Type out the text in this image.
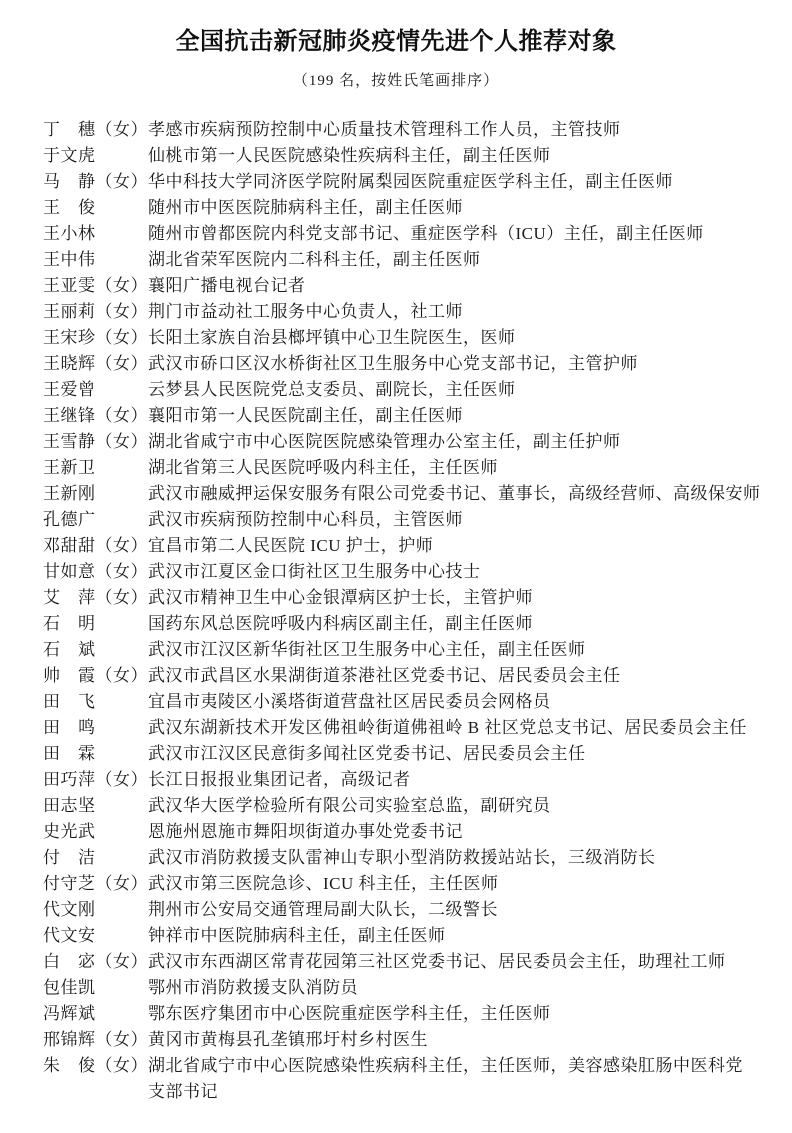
全国抗击新冠肺炎疫情先进个人推荐对象
（199 名，按姓氏笔画排序）
丁　穗（女） 孝感市疾病预防控制中心质量技术管理科工作人员，主管技师
于文虎	仙桃市第一人民医院感染性疾病科主任，副主任医师
马　静（女） 华中科技大学同济医学院附属梨园医院重症医学科主任，副主任医师
王　俊	随州市中医医院肺病科主任，副主任医师
王小林	随州市曾都医院内科党支部书记、重症医学科（ICU）主任，副主任医师
王中伟	湖北省荣军医院内二科科主任，副主任医师
王亚雯（女） 襄阳广播电视台记者
王丽莉（女） 荆门市益动社工服务中心负责人，社工师
王宋珍（女） 长阳土家族自治县榔坪镇中心卫生院医生，医师
王晓辉（女） 武汉市硚口区汉水桥街社区卫生服务中心党支部书记，主管护师
王爱曾	云梦县人民医院党总支委员、副院长，主任医师
王继锋（女） 襄阳市第一人民医院副主任，副主任医师
王雪静（女） 湖北省咸宁市中心医院医院感染管理办公室主任，副主任护师
王新卫	湖北省第三人民医院呼吸内科主任，主任医师
王新刚	武汉市融威押运保安服务有限公司党委书记、董事长，高级经营师、高级保安师
孔德广	武汉市疾病预防控制中心科员，主管医师
邓甜甜（女） 宜昌市第二人民医院 ICU 护士，护师
甘如意（女） 武汉市江夏区金口街社区卫生服务中心技士
艾　萍（女） 武汉市精神卫生中心金银潭病区护士长，主管护师
石　明	国药东风总医院呼吸内科病区副主任，副主任医师
石　斌	武汉市江汉区新华街社区卫生服务中心主任，副主任医师
帅　霞（女） 武汉市武昌区水果湖街道茶港社区党委书记、居民委员会主任
田　飞	宜昌市夷陵区小溪塔街道营盘社区居民委员会网格员
田　鸣	武汉东湖新技术开发区佛祖岭街道佛祖岭 B 社区党总支书记、居民委员会主任
田　霖	武汉市江汉区民意街多闻社区党委书记、居民委员会主任
田巧萍（女） 长江日报报业集团记者，高级记者
田志坚	武汉华大医学检验所有限公司实验室总监，副研究员
史光武	恩施州恩施市舞阳坝街道办事处党委书记
付　洁	武汉市消防救援支队雷神山专职小型消防救援站站长，三级消防长
付守芝（女） 武汉市第三医院急诊、ICU 科主任，主任医师
代文刚	荆州市公安局交通管理局副大队长，二级警长
代文安	钟祥市中医院肺病科主任，副主任医师
白　宓（女） 武汉市东西湖区常青花园第三社区党委书记、居民委员会主任，助理社工师
包佳凯	鄂州市消防救援支队消防员
冯辉斌	鄂东医疗集团市中心医院重症医学科主任，主任医师
邢锦辉（女） 黄冈市黄梅县孔垄镇邢圩村乡村医生
朱　俊（女） 湖北省咸宁市中心医院感染性疾病科主任，主任医师，美容感染肛肠中医科党
支部书记
